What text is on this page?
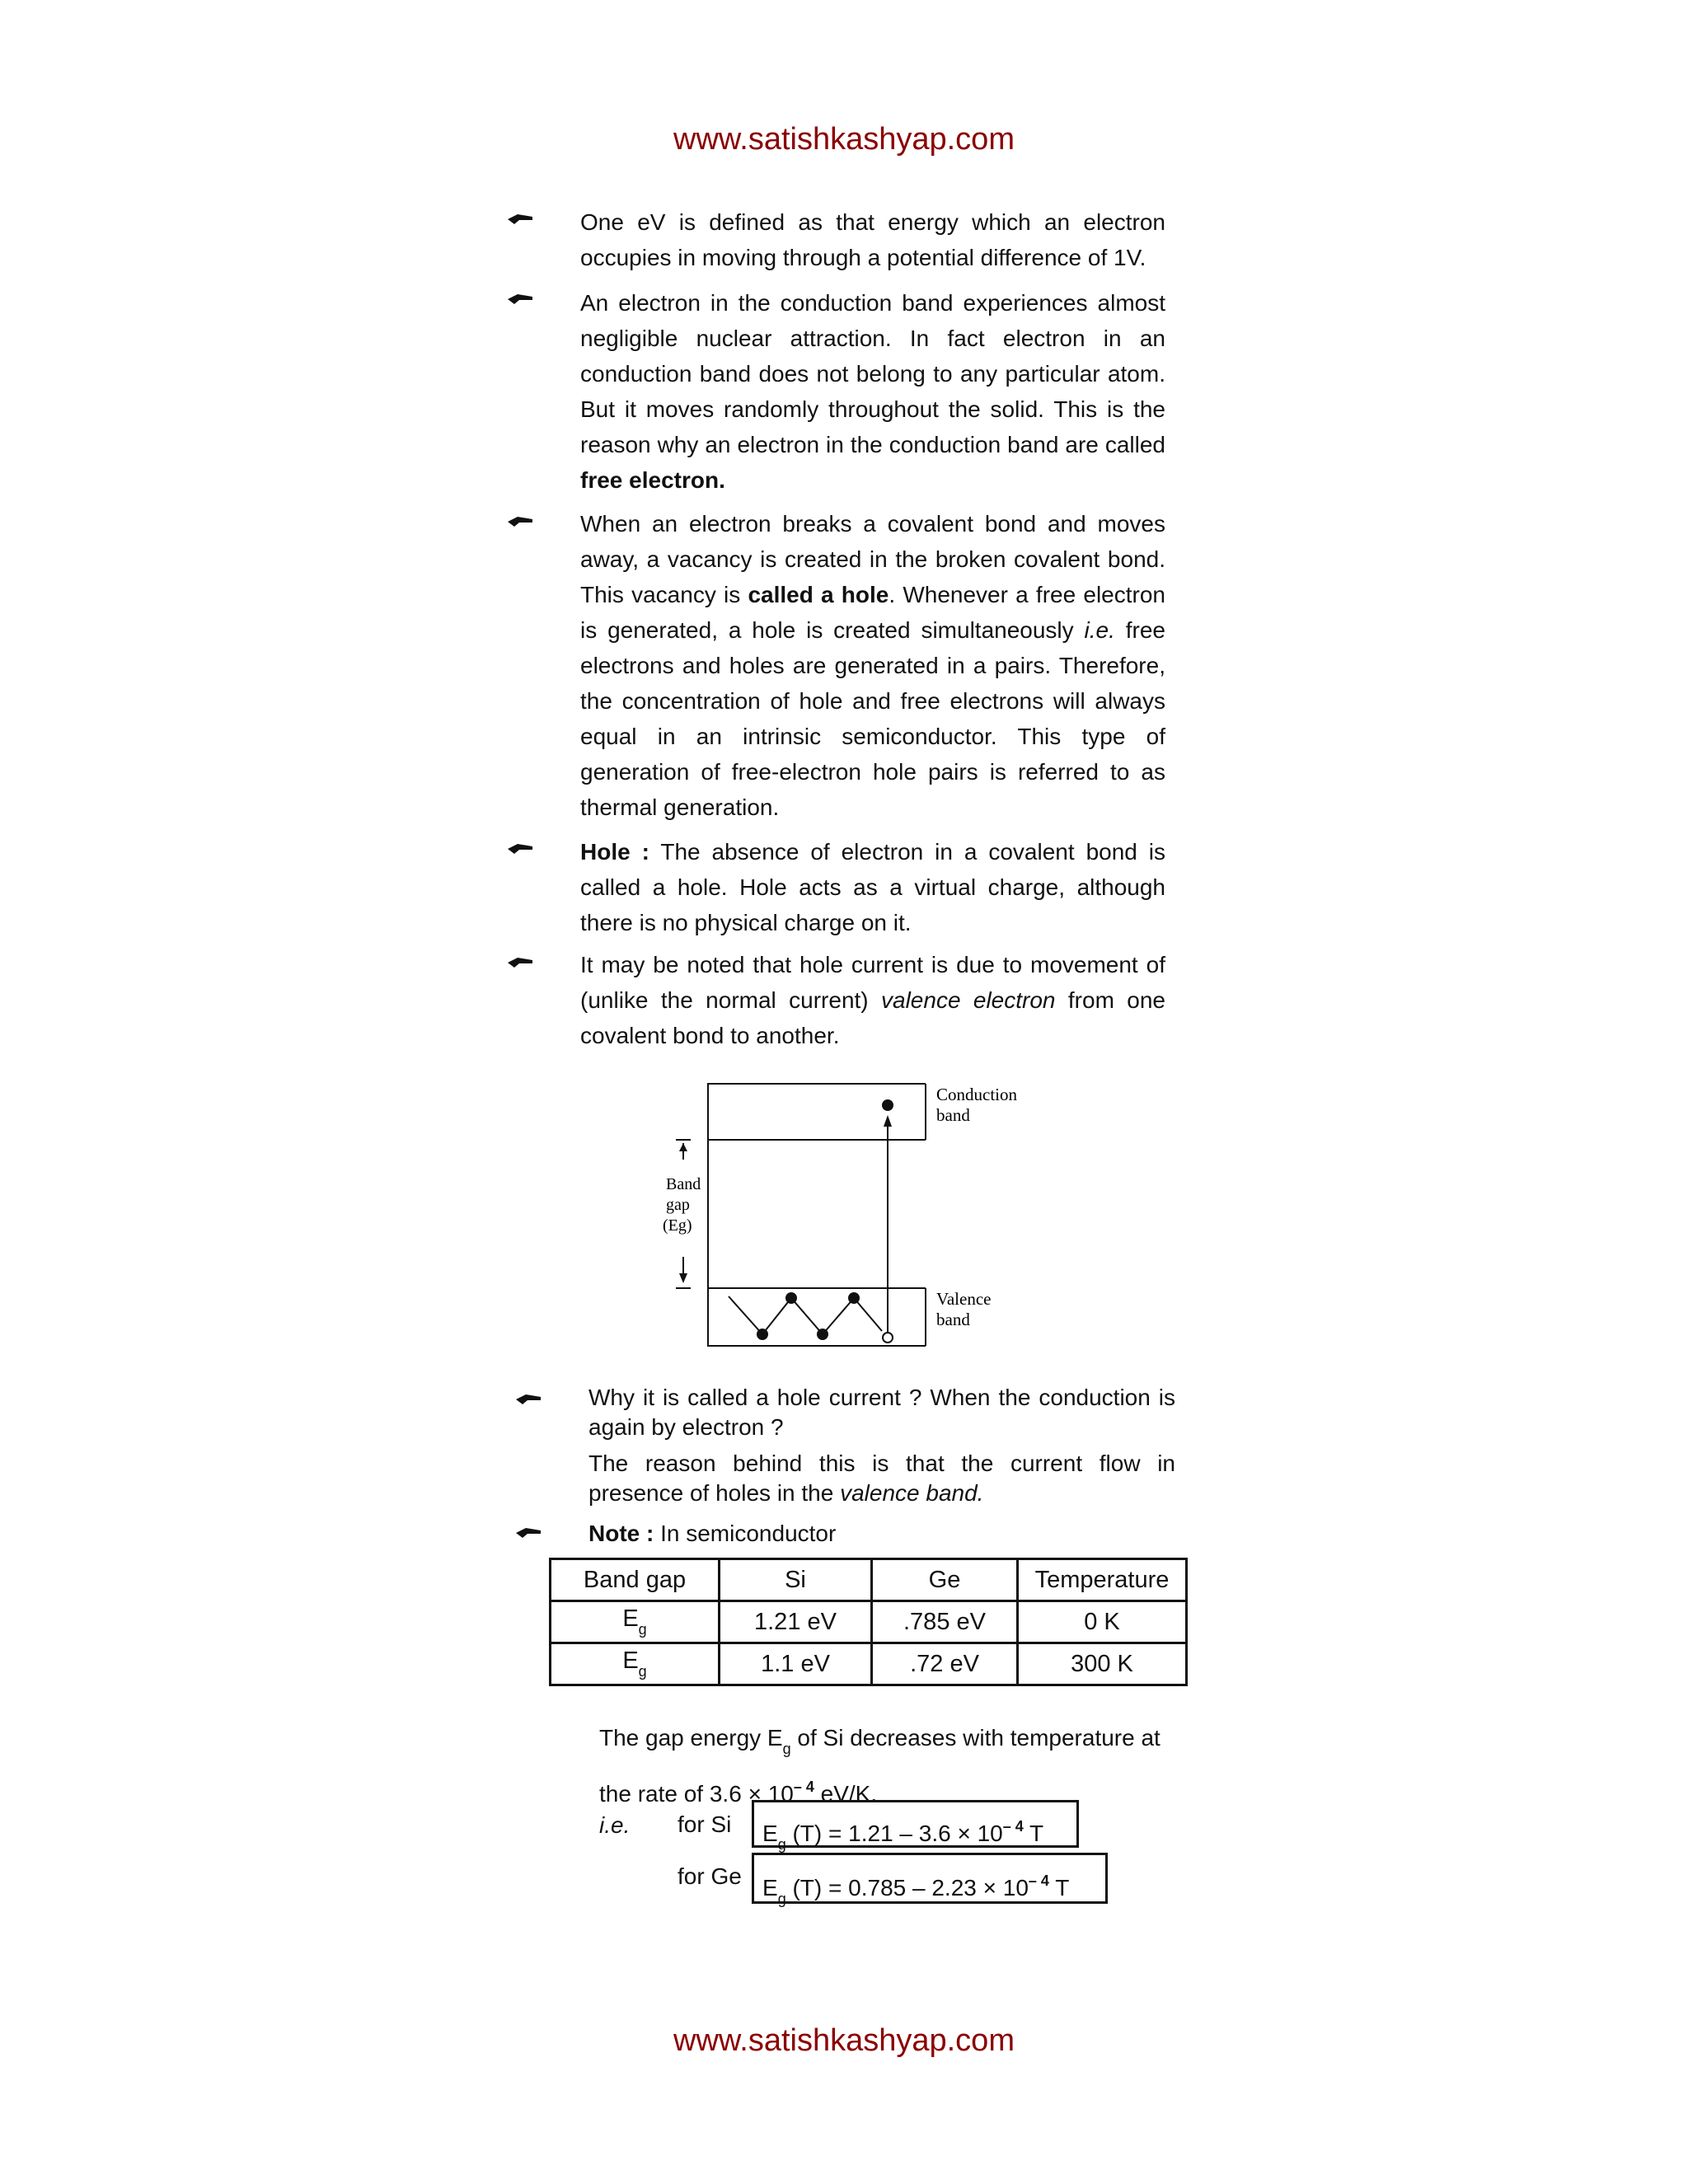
www.satishkashyap.com
One eV is defined as that energy which an electron occupies in moving through a potential difference of 1V.
An electron in the conduction band experiences almost negligible nuclear attraction. In fact electron in an conduction band does not belong to any particular atom. But it moves randomly throughout the solid. This is the reason why an electron in the conduction band are called free electron.
When an electron breaks a covalent bond and moves away, a vacancy is created in the broken covalent bond. This vacancy is called a hole. Whenever a free electron is generated, a hole is created simultaneously i.e. free electrons and holes are generated in a pairs. Therefore, the concentration of hole and free electrons will always equal in an intrinsic semiconductor. This type of generation of free-electron hole pairs is referred to as thermal generation.
Hole : The absence of electron in a covalent bond is called a hole. Hole acts as a virtual charge, although there is no physical charge on it.
It may be noted that hole current is due to movement of (unlike the normal current) valence electron from one covalent bond to another.
Band
gap
(Eg)
Conduction
band
Valence
band
Why it is called a hole current ? When the conduction is again by electron ?
The reason behind this is that the current flow in presence of holes in the valence band.
Note : In semiconductor
Band gap	Si	Ge	Temperature
$E_g$	1.21 eV	.785 eV	0 K
$E_g$	1.1 eV	.72 eV	300 K
The gap energy $E_g$ of Si decreases with temperature at the rate of $3.6 \times 10^{- 4}$ eV/K.
i.e. for Si	$E_g$ $(T) = 1.21 - 3.6 \times 10^{- 4}$ T
for Ge $E_g$ $(T) = 0.785 - 2.23 \times 10^{- 4}$ T
www.satishkashyap.com
